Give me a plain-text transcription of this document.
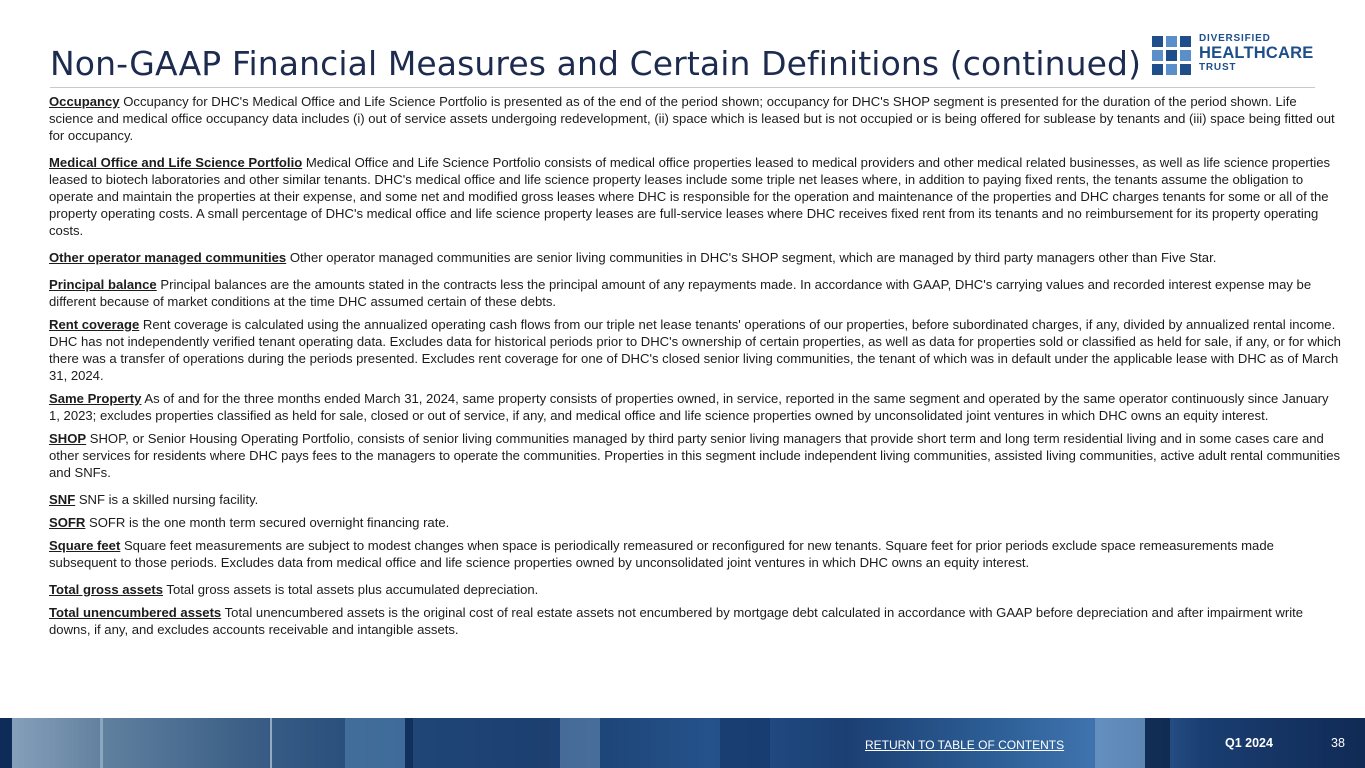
Non-GAAP Financial Measures and Certain Definitions (continued)
DIVERSIFIED
HEALTHCARE
TRUST

Occupancy Occupancy for DHC's Medical Office and Life Science Portfolio is presented as of the end of the period shown; occupancy for DHC's SHOP segment is presented for the duration of the period shown. Life science and medical office occupancy data includes (i) out of service assets undergoing redevelopment, (ii) space which is leased but is not occupied or is being offered for sublease by tenants and (iii) space being fitted out for occupancy.

Medical Office and Life Science Portfolio Medical Office and Life Science Portfolio consists of medical office properties leased to medical providers and other medical related businesses, as well as life science properties leased to biotech laboratories and other similar tenants. DHC's medical office and life science property leases include some triple net leases where, in addition to paying fixed rents, the tenants assume the obligation to operate and maintain the properties at their expense, and some net and modified gross leases where DHC is responsible for the operation and maintenance of the properties and DHC charges tenants for some or all of the property operating costs. A small percentage of DHC's medical office and life science property leases are full-service leases where DHC receives fixed rent from its tenants and no reimbursement for its property operating costs.

Other operator managed communities Other operator managed communities are senior living communities in DHC's SHOP segment, which are managed by third party managers other than Five Star.

Principal balance Principal balances are the amounts stated in the contracts less the principal amount of any repayments made. In accordance with GAAP, DHC's carrying values and recorded interest expense may be different because of market conditions at the time DHC assumed certain of these debts.

Rent coverage Rent coverage is calculated using the annualized operating cash flows from our triple net lease tenants' operations of our properties, before subordinated charges, if any, divided by annualized rental income. DHC has not independently verified tenant operating data. Excludes data for historical periods prior to DHC's ownership of certain properties, as well as data for properties sold or classified as held for sale, if any, or for which there was a transfer of operations during the periods presented. Excludes rent coverage for one of DHC's closed senior living communities, the tenant of which was in default under the applicable lease with DHC as of March 31, 2024.

Same Property As of and for the three months ended March 31, 2024, same property consists of properties owned, in service, reported in the same segment and operated by the same operator continuously since January 1, 2023; excludes properties classified as held for sale, closed or out of service, if any, and medical office and life science properties owned by unconsolidated joint ventures in which DHC owns an equity interest.

SHOP SHOP, or Senior Housing Operating Portfolio, consists of senior living communities managed by third party senior living managers that provide short term and long term residential living and in some cases care and other services for residents where DHC pays fees to the managers to operate the communities. Properties in this segment include independent living communities, assisted living communities, active adult rental communities and SNFs.

SNF SNF is a skilled nursing facility.

SOFR SOFR is the one month term secured overnight financing rate.

Square feet Square feet measurements are subject to modest changes when space is periodically remeasured or reconfigured for new tenants. Square feet for prior periods exclude space remeasurements made subsequent to those periods. Excludes data from medical office and life science properties owned by unconsolidated joint ventures in which DHC owns an equity interest.

Total gross assets Total gross assets is total assets plus accumulated depreciation.

Total unencumbered assets Total unencumbered assets is the original cost of real estate assets not encumbered by mortgage debt calculated in accordance with GAAP before depreciation and after impairment write downs, if any, and excludes accounts receivable and intangible assets.

RETURN TO TABLE OF CONTENTS	Q1 2024	38
